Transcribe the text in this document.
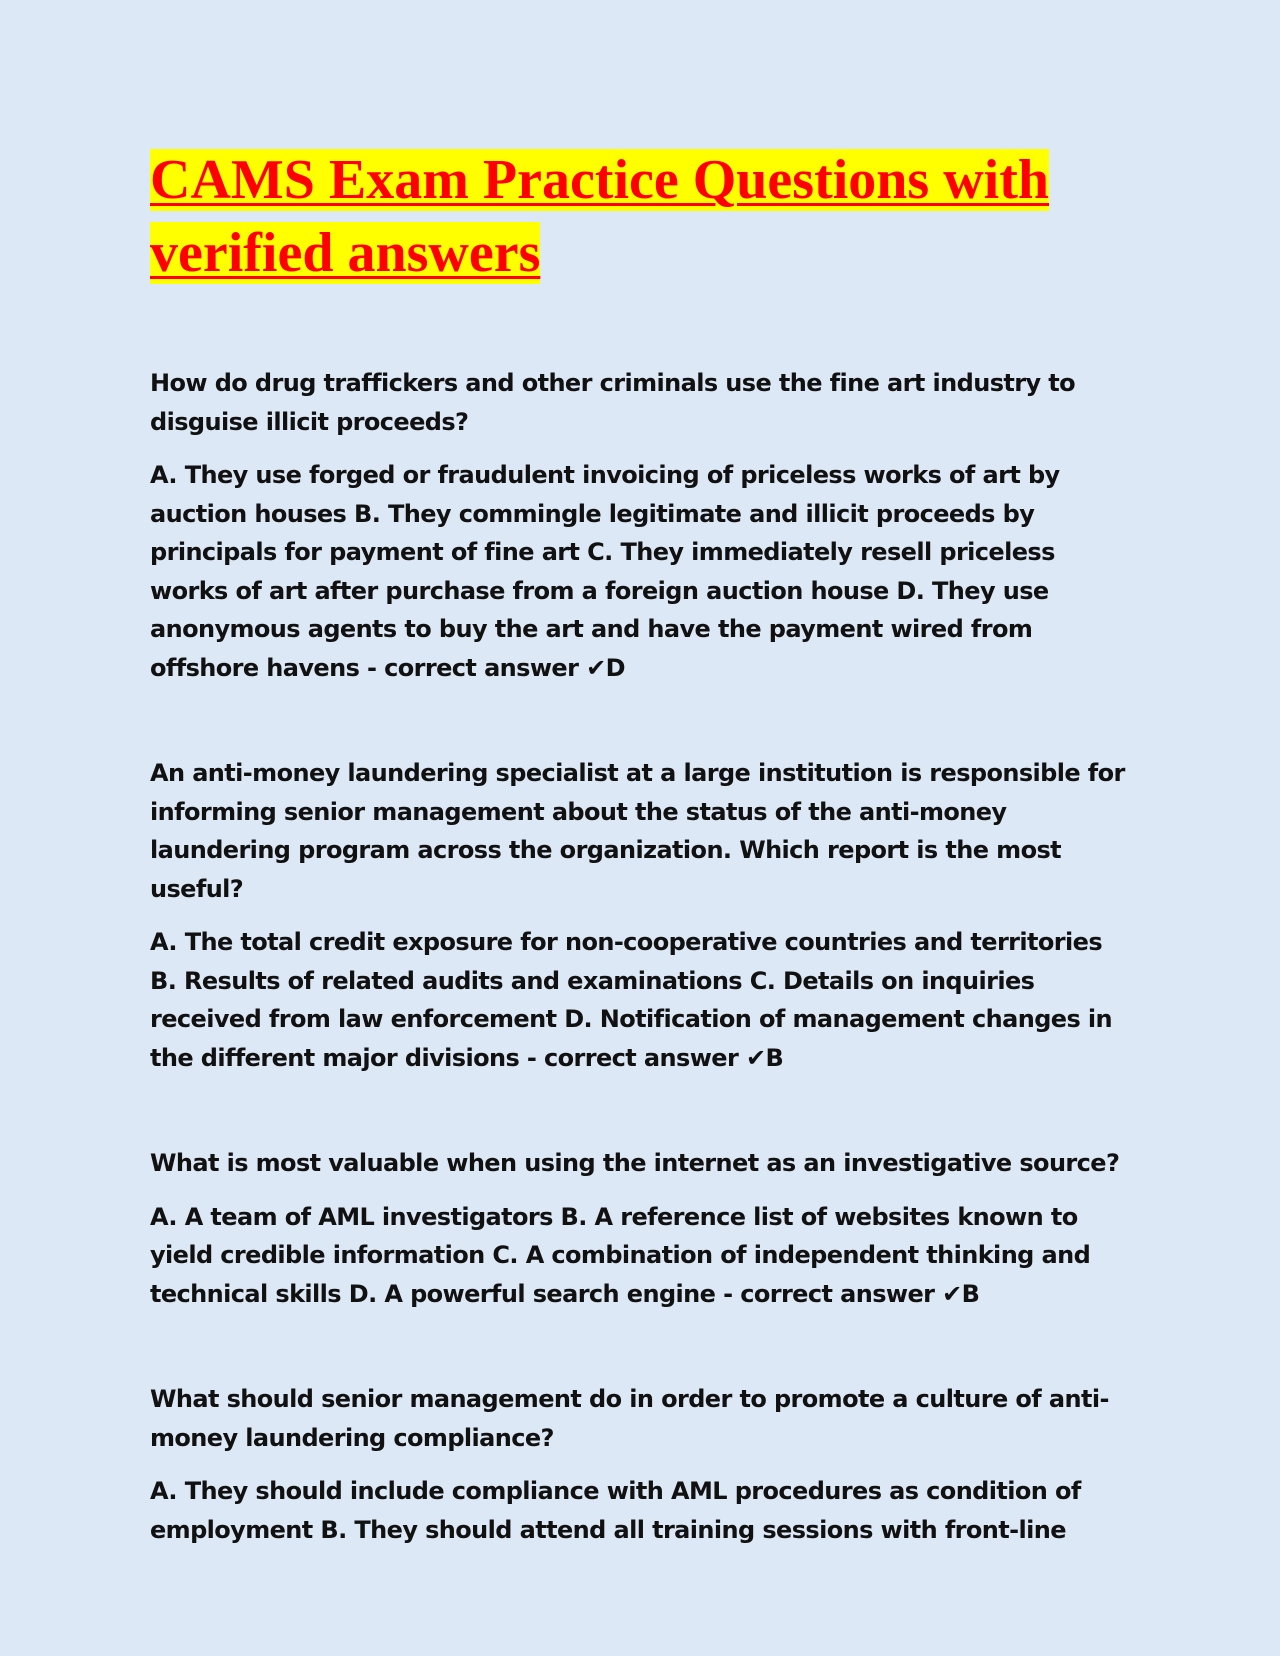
CAMS Exam Practice Questions with verified answers

How do drug traffickers and other criminals use the fine art industry to disguise illicit proceeds?

A. They use forged or fraudulent invoicing of priceless works of art by auction houses B. They commingle legitimate and illicit proceeds by principals for payment of fine art C. They immediately resell priceless works of art after purchase from a foreign auction house D. They use anonymous agents to buy the art and have the payment wired from offshore havens - correct answer ✔D

An anti-money laundering specialist at a large institution is responsible for informing senior management about the status of the anti-money laundering program across the organization. Which report is the most useful?

A. The total credit exposure for non-cooperative countries and territories B. Results of related audits and examinations C. Details on inquiries received from law enforcement D. Notification of management changes in the different major divisions - correct answer ✔B

What is most valuable when using the internet as an investigative source?

A. A team of AML investigators B. A reference list of websites known to yield credible information C. A combination of independent thinking and technical skills D. A powerful search engine - correct answer ✔B

What should senior management do in order to promote a culture of anti-money laundering compliance?

A. They should include compliance with AML procedures as condition of employment B. They should attend all training sessions with front-line
